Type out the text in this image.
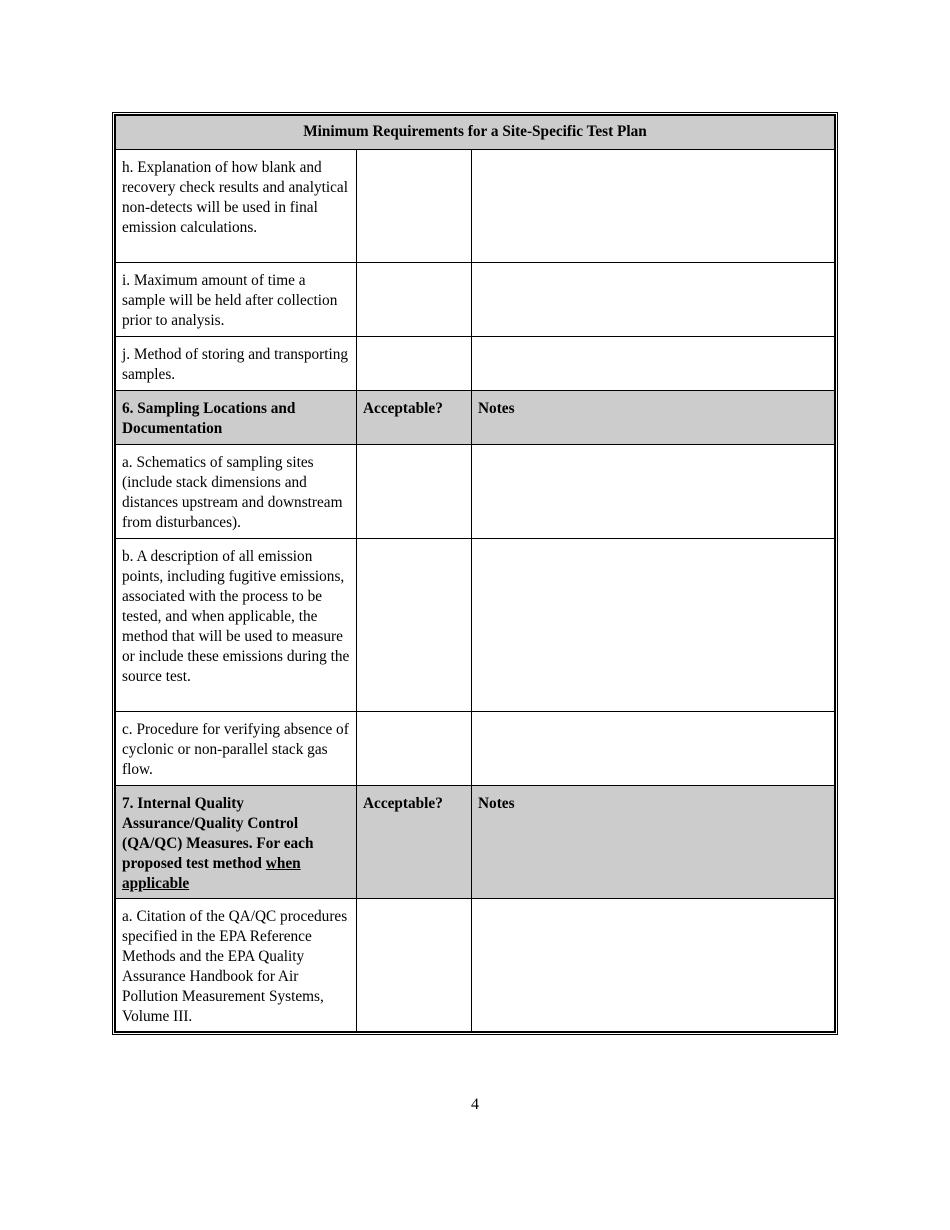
Minimum Requirements for a Site-Specific Test Plan		
h. Explanation of how blank and recovery check results and analytical non-detects will be used in final emission calculations.		
i. Maximum amount of time a sample will be held after collection prior to analysis.		
j. Method of storing and transporting samples.		
6. Sampling Locations and Documentation	Acceptable?	Notes
a. Schematics of sampling sites (include stack dimensions and distances upstream and downstream from disturbances).		
b. A description of all emission points, including fugitive emissions, associated with the process to be tested, and when applicable, the method that will be used to measure or include these emissions during the source test.		
c. Procedure for verifying absence of cyclonic or non-parallel stack gas flow.		
7. Internal Quality Assurance/Quality Control (QA/QC) Measures. For each proposed test method when applicable	Acceptable?	Notes
a. Citation of the QA/QC procedures specified in the EPA Reference Methods and the EPA Quality Assurance Handbook for Air Pollution Measurement Systems, Volume III.		
4
